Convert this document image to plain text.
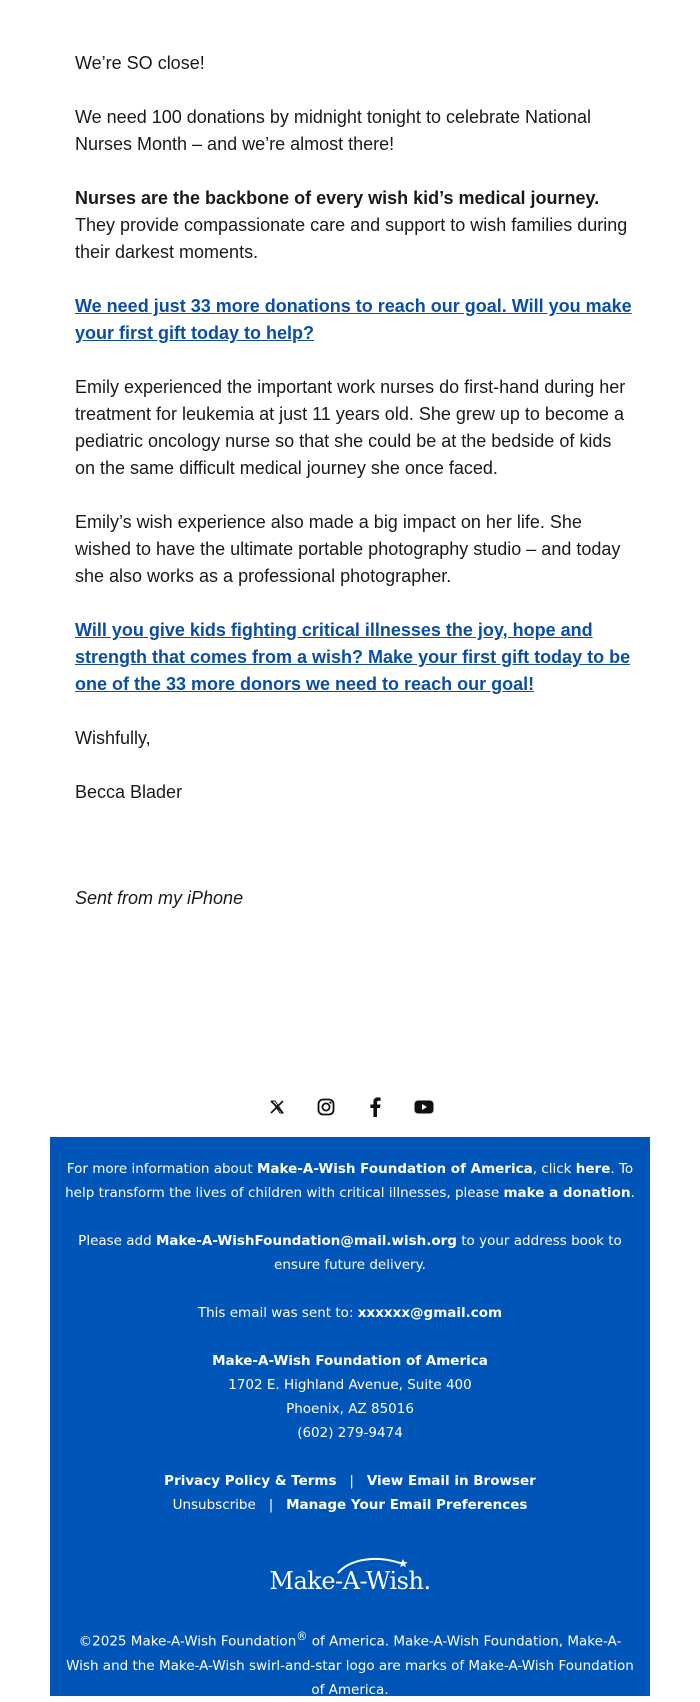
We’re SO close!

We need 100 donations by midnight tonight to celebrate National Nurses Month – and we’re almost there!

Nurses are the backbone of every wish kid’s medical journey. They provide compassionate care and support to wish families during their darkest moments.

We need just 33 more donations to reach our goal. Will you make your first gift today to help?

Emily experienced the important work nurses do first-hand during her treatment for leukemia at just 11 years old. She grew up to become a pediatric oncology nurse so that she could be at the bedside of kids on the same difficult medical journey she once faced.

Emily’s wish experience also made a big impact on her life. She wished to have the ultimate portable photography studio – and today she also works as a professional photographer.

Will you give kids fighting critical illnesses the joy, hope and strength that comes from a wish? Make your first gift today to be one of the 33 more donors we need to reach our goal!

Wishfully,

Becca Blader

Sent from my iPhone
For more information about Make-A-Wish Foundation of America, click here. To help transform the lives of children with critical illnesses, please make a donation.
Please add Make-A-WishFoundation@mail.wish.org to your address book to ensure future delivery.
This email was sent to: xxxxxx@gmail.com
Make-A-Wish Foundation of America
1702 E. Highland Avenue, Suite 400
Phoenix, AZ 85016
(602) 279-9474
Privacy Policy & Terms | View Email in Browser
Unsubscribe | Manage Your Email Preferences
Make-A-Wish.
©2025 Make-A-Wish Foundation® of America. Make-A-Wish Foundation, Make-A-Wish and the Make-A-Wish swirl-and-star logo are marks of Make-A-Wish Foundation of America.
